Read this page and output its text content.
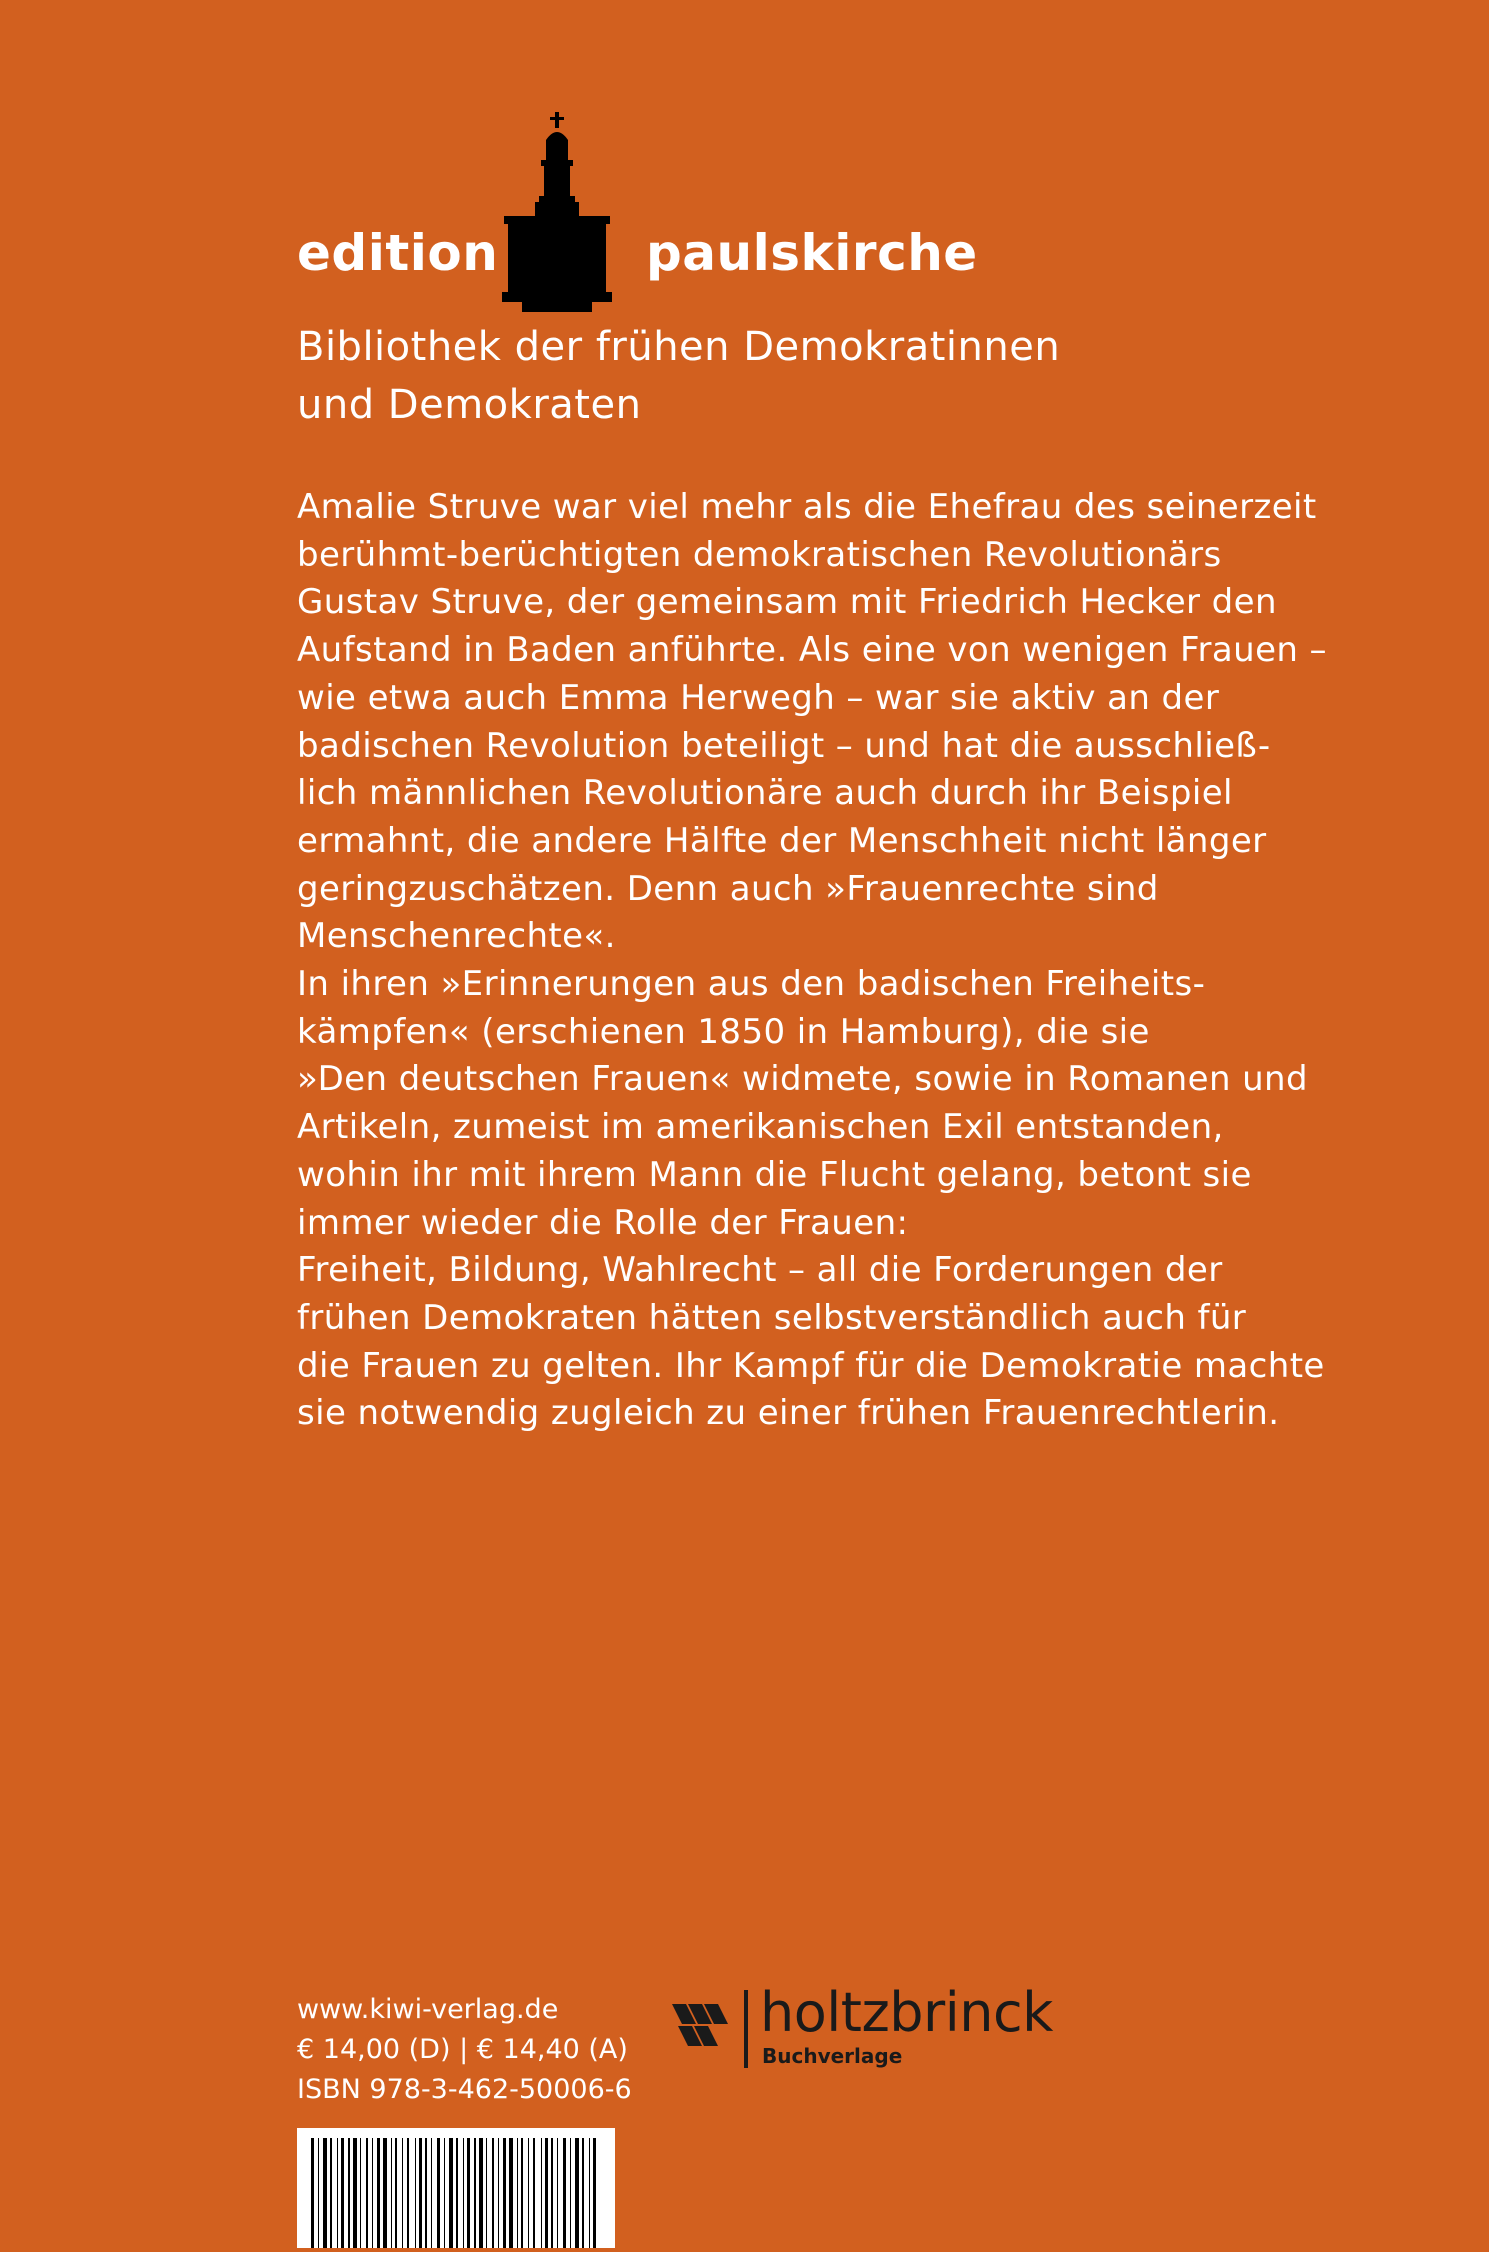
edition	paulskirche
Bibliothek der frühen Demokratinnen
und Demokraten

Amalie Struve war viel mehr als die Ehefrau des seinerzeit

berühmt-berüchtigten demokratischen Revolutionärs

Gustav Struve, der gemeinsam mit Friedrich Hecker den

Aufstand in Baden anführte. Als eine von wenigen Frauen –

wie etwa auch Emma Herwegh – war sie aktiv an der

badischen Revolution beteiligt – und hat die ausschließ-

lich männlichen Revolutionäre auch durch ihr Beispiel

ermahnt, die andere Hälfte der Menschheit nicht länger

geringzuschätzen. Denn auch »Frauenrechte sind

Menschenrechte«.

In ihren »Erinnerungen aus den badischen Freiheits-

kämpfen« (erschienen 1850 in Hamburg), die sie

»Den deutschen Frauen« widmete, sowie in Romanen und

Artikeln, zumeist im amerikanischen Exil entstanden,

wohin ihr mit ihrem Mann die Flucht gelang, betont sie

immer wieder die Rolle der Frauen:

Freiheit, Bildung, Wahlrecht – all die Forderungen der

frühen Demokraten hätten selbstverständlich auch für

die Frauen zu gelten. Ihr Kampf für die Demokratie machte

sie notwendig zugleich zu einer frühen Frauenrechtlerin.

www.kiwi-verlag.de
€ 14,00 (D) | € 14,40 (A)
ISBN 978-3-462-50006-6
holtzbrinck
Buchverlage
